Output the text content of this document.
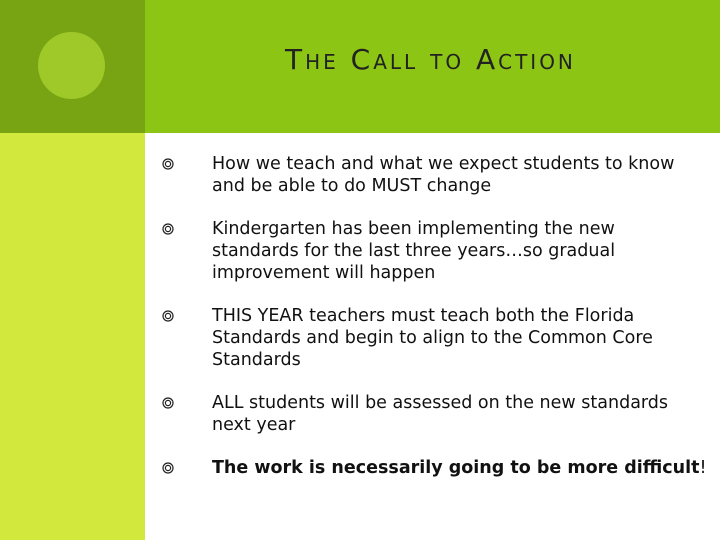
The Call to Action
How we teach and what we expect students to know and be able to do MUST change
Kindergarten has been implementing the new standards for the last three years…so gradual improvement will happen
THIS YEAR teachers must teach both the Florida Standards and begin to align to the Common Core Standards
ALL students will be assessed on the new standards next year
The work is necessarily going to be more difficult!
